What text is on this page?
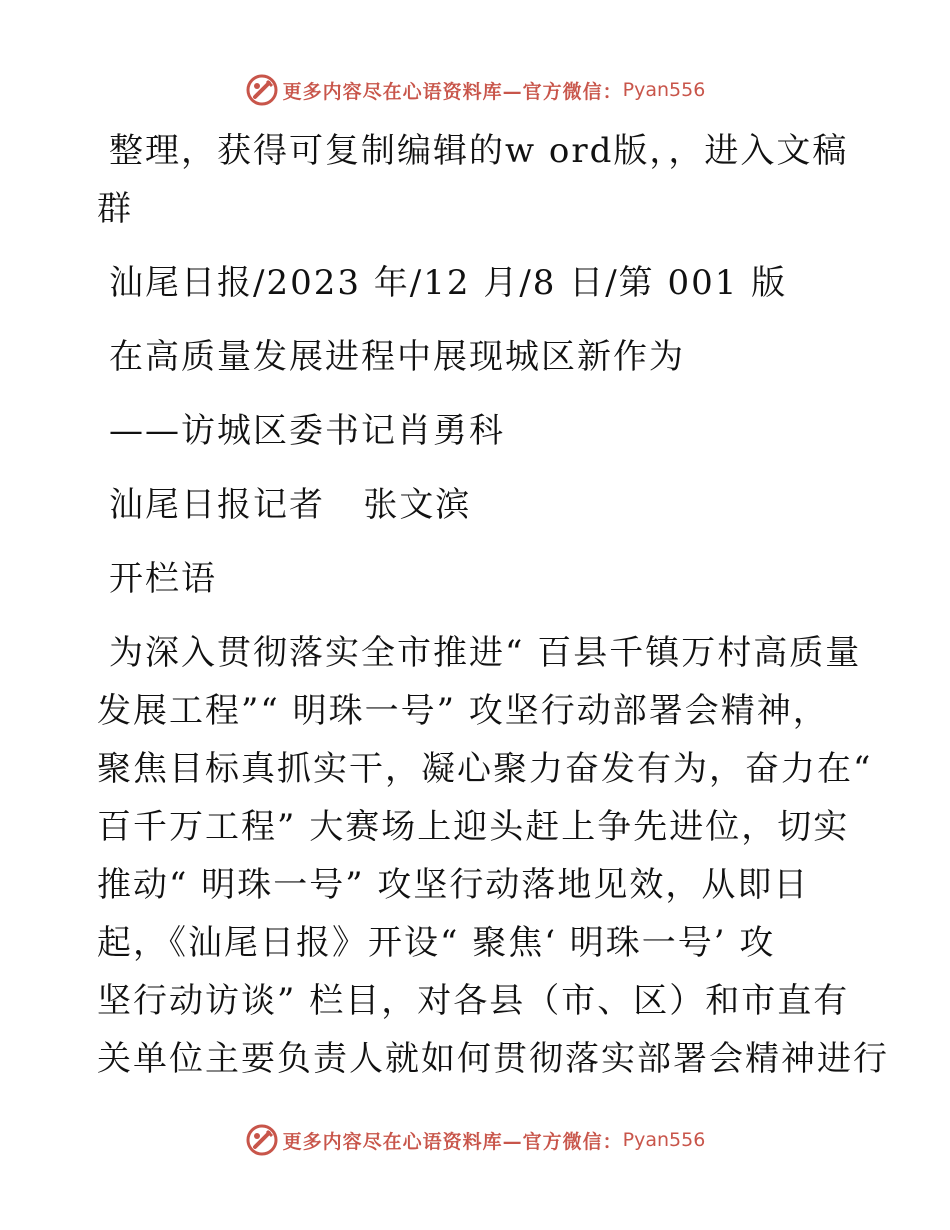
更多内容尽在心语资料库—官方微信： Pyan556
整理，获得可复制编辑的w ord版，，进入文稿
群
汕尾日报/2023 年/12 月/8 日/第 001 版
在高质量发展进程中展现城区新作为
——访城区委书记肖勇科
汕尾日报记者   张文滨
开栏语
为深入贯彻落实全市推进“ 百县千镇万村高质量
发展工程”“ 明珠一号” 攻坚行动部署会精神，
聚焦目标真抓实干，凝心聚力奋发有为，奋力在“
百千万工程” 大赛场上迎头赶上争先进位，切实
推动“ 明珠一号” 攻坚行动落地见效，从即日
起，《汕尾日报》开设“ 聚焦‘ 明珠一号’ 攻
坚行动访谈” 栏目，对各县（市、区）和市直有
关单位主要负责人就如何贯彻落实部署会精神进行
更多内容尽在心语资料库—官方微信： Pyan556
